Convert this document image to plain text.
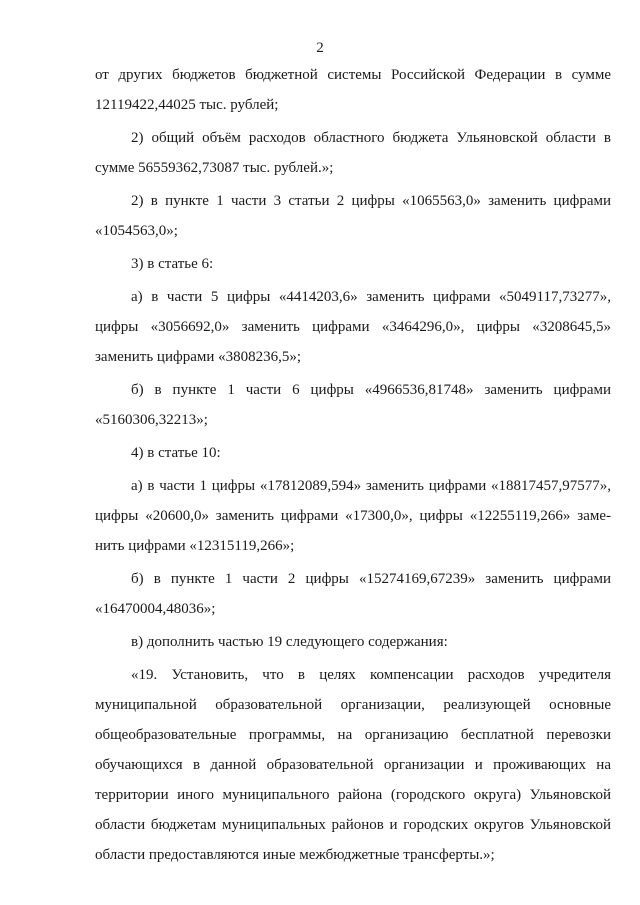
2

от других бюджетов бюджетной системы Российской Федерации в сумме 12119422,44025 тыс. рублей;

2) общий объём расходов областного бюджета Ульяновской области в сумме 56559362,73087 тыс. рублей.»;

2) в пункте 1 части 3 статьи 2 цифры «1065563,0» заменить цифрами «1054563,0»;

3) в статье 6:

а) в части 5 цифры «4414203,6» заменить цифрами «5049117,73277», цифры «3056692,0» заменить цифрами «3464296,0», цифры «3208645,5» заменить цифрами «3808236,5»;

б) в пункте 1 части 6 цифры «4966536,81748» заменить цифрами «5160306,32213»;

4) в статье 10:

а) в части 1 цифры «17812089,594» заменить цифрами «18817457,97577», цифры «20600,0» заменить цифрами «17300,0», цифры «12255119,266» заме-нить цифрами «12315119,266»;

б) в пункте 1 части 2 цифры «15274169,67239» заменить цифрами «16470004,48036»;

в) дополнить частью 19 следующего содержания:

«19. Установить, что в целях компенсации расходов учредителя муниципальной образовательной организации, реализующей основные общеобразовательные программы, на организацию бесплатной перевозки обучающихся в данной образовательной организации и проживающих на территории иного муниципального района (городского округа) Ульяновской области бюджетам муниципальных районов и городских округов Ульяновской области предоставляются иные межбюджетные трансферты.»;
